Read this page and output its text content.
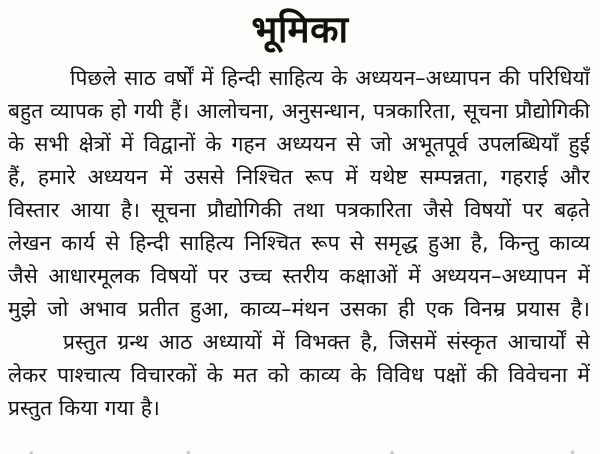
भूमिका
पिछले साठ वर्षों में हिन्दी साहित्य के अध्ययन–अध्यापन की परिधियाँ
बहुत व्यापक हो गयी हैं। आलोचना, अनुसन्धान, पत्रकारिता, सूचना प्रौद्योगिकी
के सभी क्षेत्रों में विद्वानों के गहन अध्ययन से जो अभूतपूर्व उपलब्धियाँ हुई
हैं, हमारे अध्ययन में उससे निश्चित रूप में यथेष्ट सम्पन्नता, गहराई और
विस्तार आया है। सूचना प्रौद्योगिकी तथा पत्रकारिता जैसे विषयों पर बढ़ते
लेखन कार्य से हिन्दी साहित्य निश्चित रूप से समृद्ध हुआ है, किन्तु काव्य
जैसे आधारमूलक विषयों पर उच्च स्तरीय कक्षाओं में अध्ययन–अध्यापन में
मुझे जो अभाव प्रतीत हुआ, काव्य–मंथन उसका ही एक विनम्र प्रयास है।
प्रस्तुत ग्रन्थ आठ अध्यायों में विभक्त है, जिसमें संस्कृत आचार्यों से
लेकर पाश्चात्य विचारकों के मत को काव्य के विविध पक्षों की विवेचना में
प्रस्तुत किया गया है।
